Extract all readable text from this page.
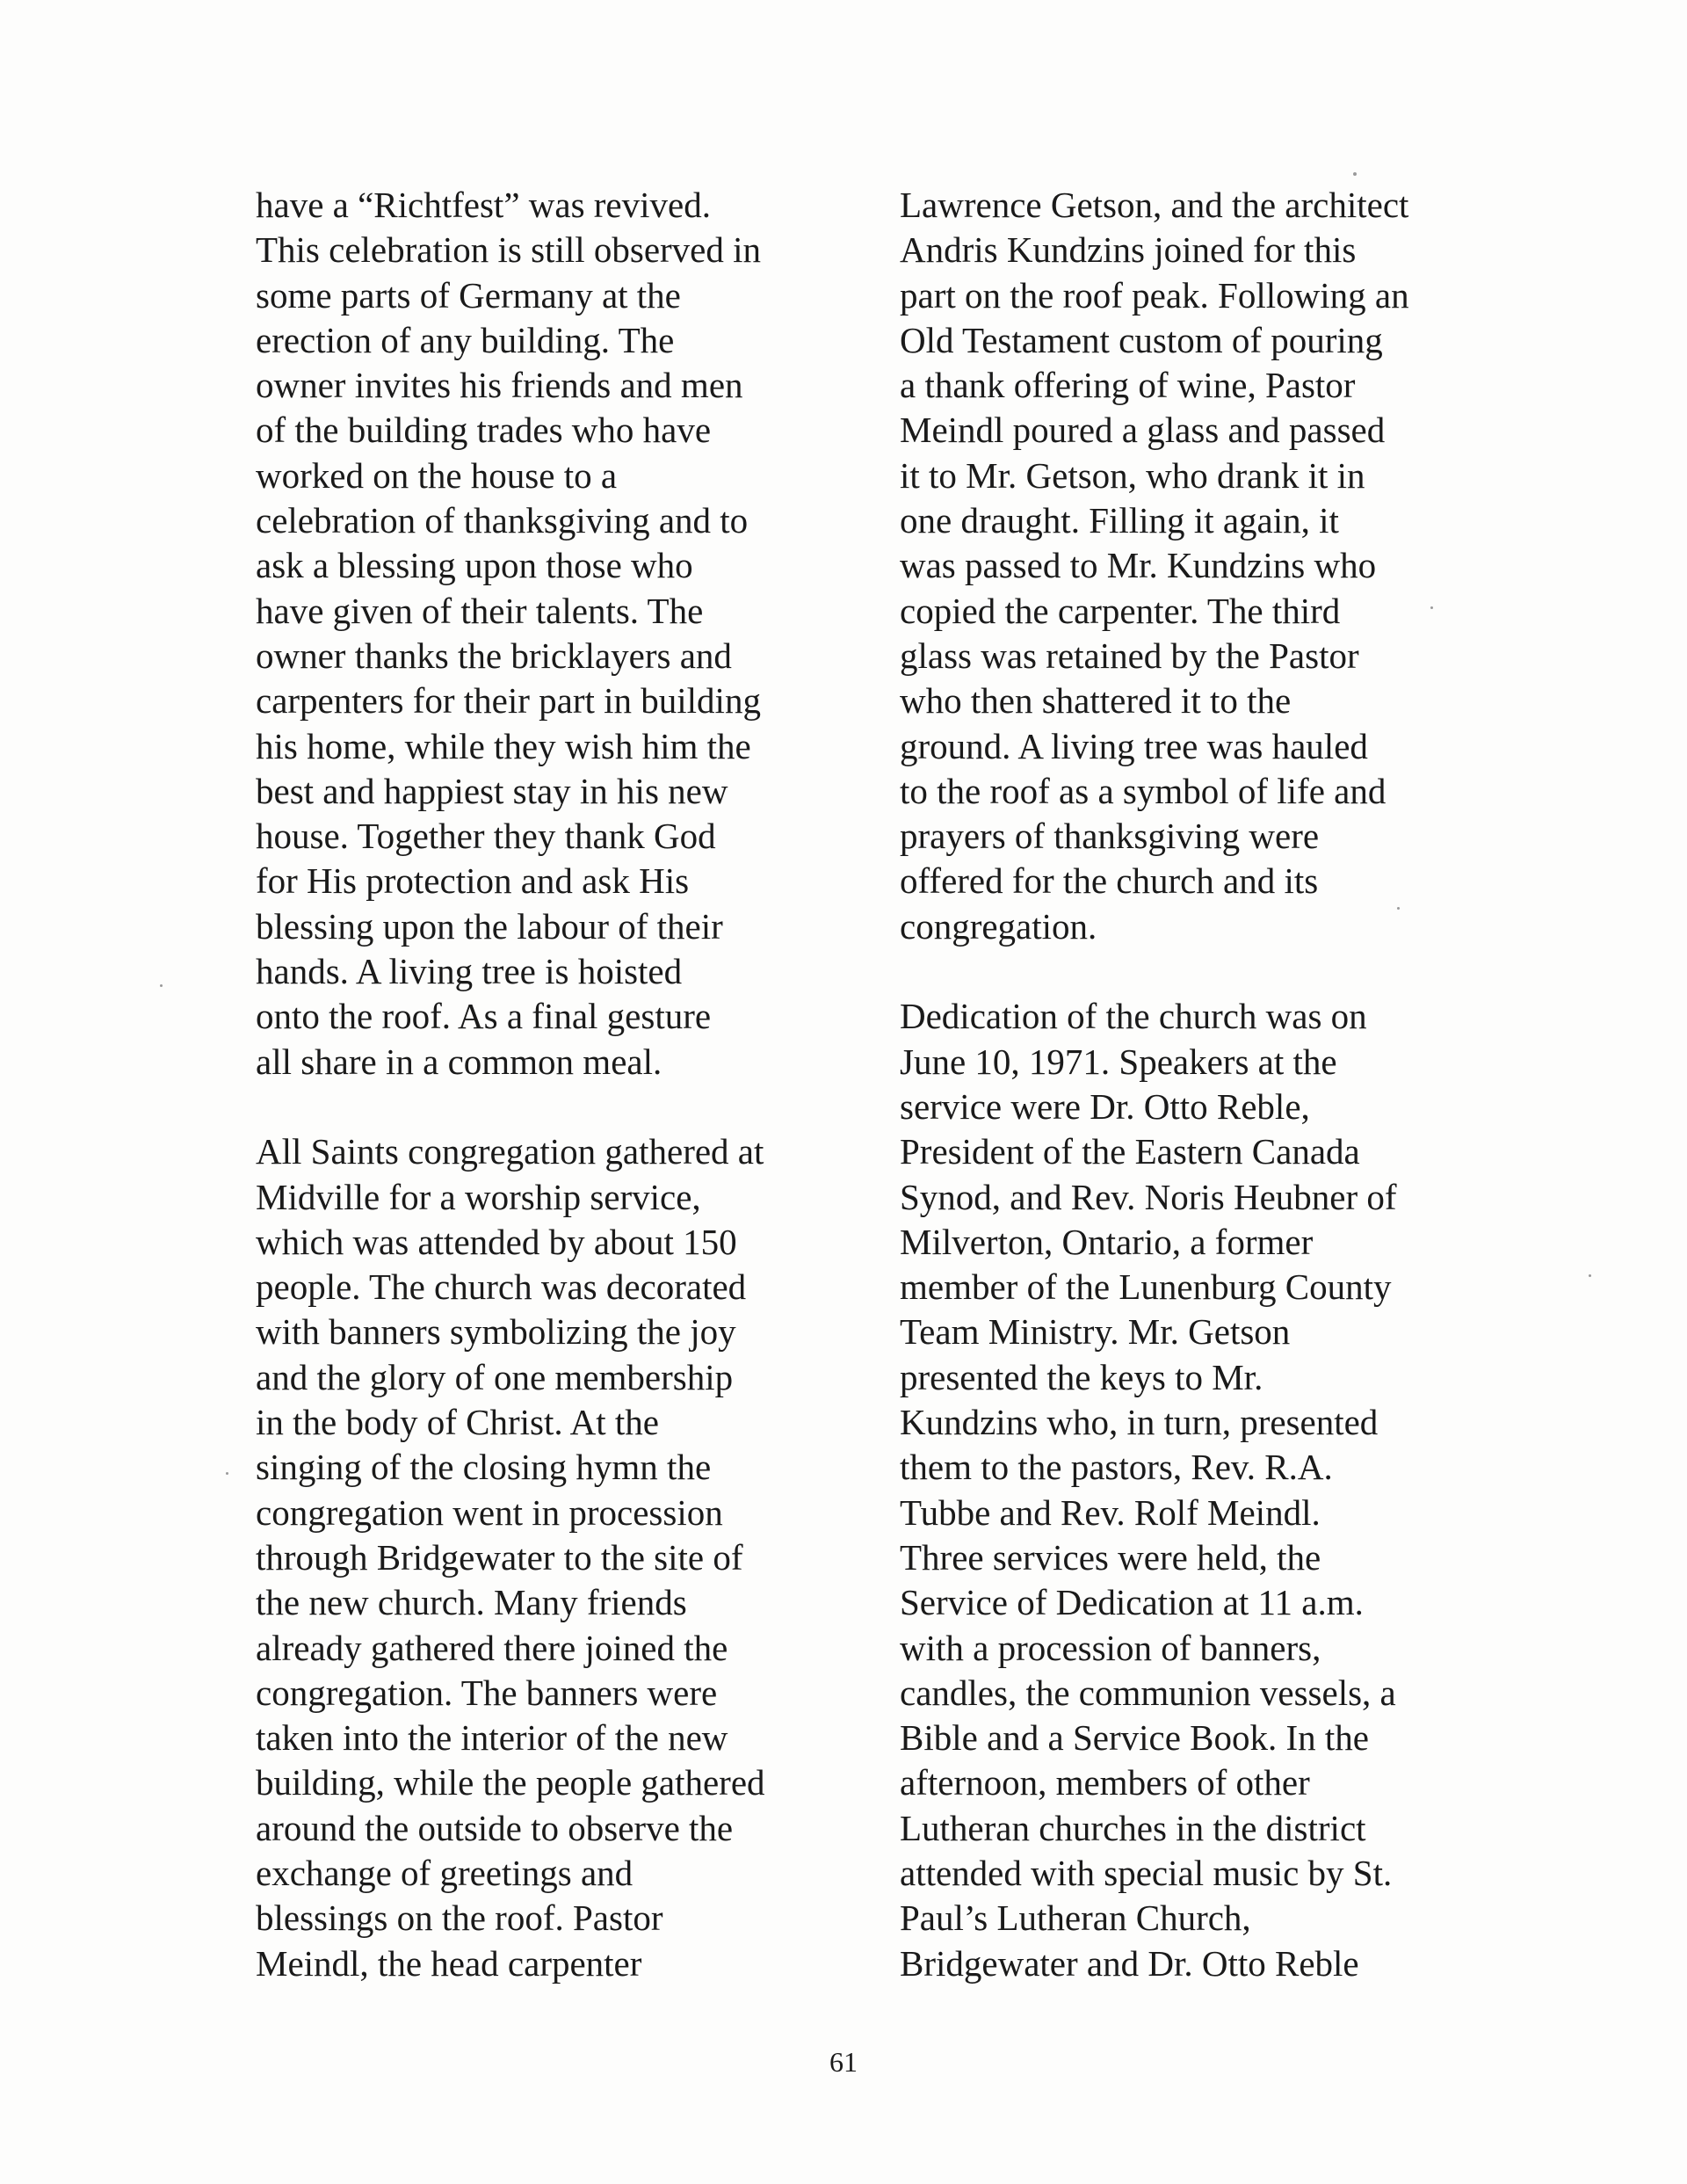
have a “Richtfest” was revived.
This celebration is still observed in
some parts of Germany at the
erection of any building. The
owner invites his friends and men
of the building trades who have
worked on the house to a
celebration of thanksgiving and to
ask a blessing upon those who
have given of their talents. The
owner thanks the bricklayers and
carpenters for their part in building
his home, while they wish him the
best and happiest stay in his new
house. Together they thank God
for His protection and ask His
blessing upon the labour of their
hands. A living tree is hoisted
onto the roof. As a final gesture
all share in a common meal.
All Saints congregation gathered at
Midville for a worship service,
which was attended by about 150
people. The church was decorated
with banners symbolizing the joy
and the glory of one membership
in the body of Christ. At the
singing of the closing hymn the
congregation went in procession
through Bridgewater to the site of
the new church. Many friends
already gathered there joined the
congregation. The banners were
taken into the interior of the new
building, while the people gathered
around the outside to observe the
exchange of greetings and
blessings on the roof. Pastor
Meindl, the head carpenter
Lawrence Getson, and the architect
Andris Kundzins joined for this
part on the roof peak. Following an
Old Testament custom of pouring
a thank offering of wine, Pastor
Meindl poured a glass and passed
it to Mr. Getson, who drank it in
one draught. Filling it again, it
was passed to Mr. Kundzins who
copied the carpenter. The third
glass was retained by the Pastor
who then shattered it to the
ground. A living tree was hauled
to the roof as a symbol of life and
prayers of thanksgiving were
offered for the church and its
congregation.
Dedication of the church was on
June 10, 1971. Speakers at the
service were Dr. Otto Reble,
President of the Eastern Canada
Synod, and Rev. Noris Heubner of
Milverton, Ontario, a former
member of the Lunenburg County
Team Ministry. Mr. Getson
presented the keys to Mr.
Kundzins who, in turn, presented
them to the pastors, Rev. R.A.
Tubbe and Rev. Rolf Meindl.
Three services were held, the
Service of Dedication at 11 a.m.
with a procession of banners,
candles, the communion vessels, a
Bible and a Service Book. In the
afternoon, members of other
Lutheran churches in the district
attended with special music by St.
Paul’s Lutheran Church,
Bridgewater and Dr. Otto Reble
61
